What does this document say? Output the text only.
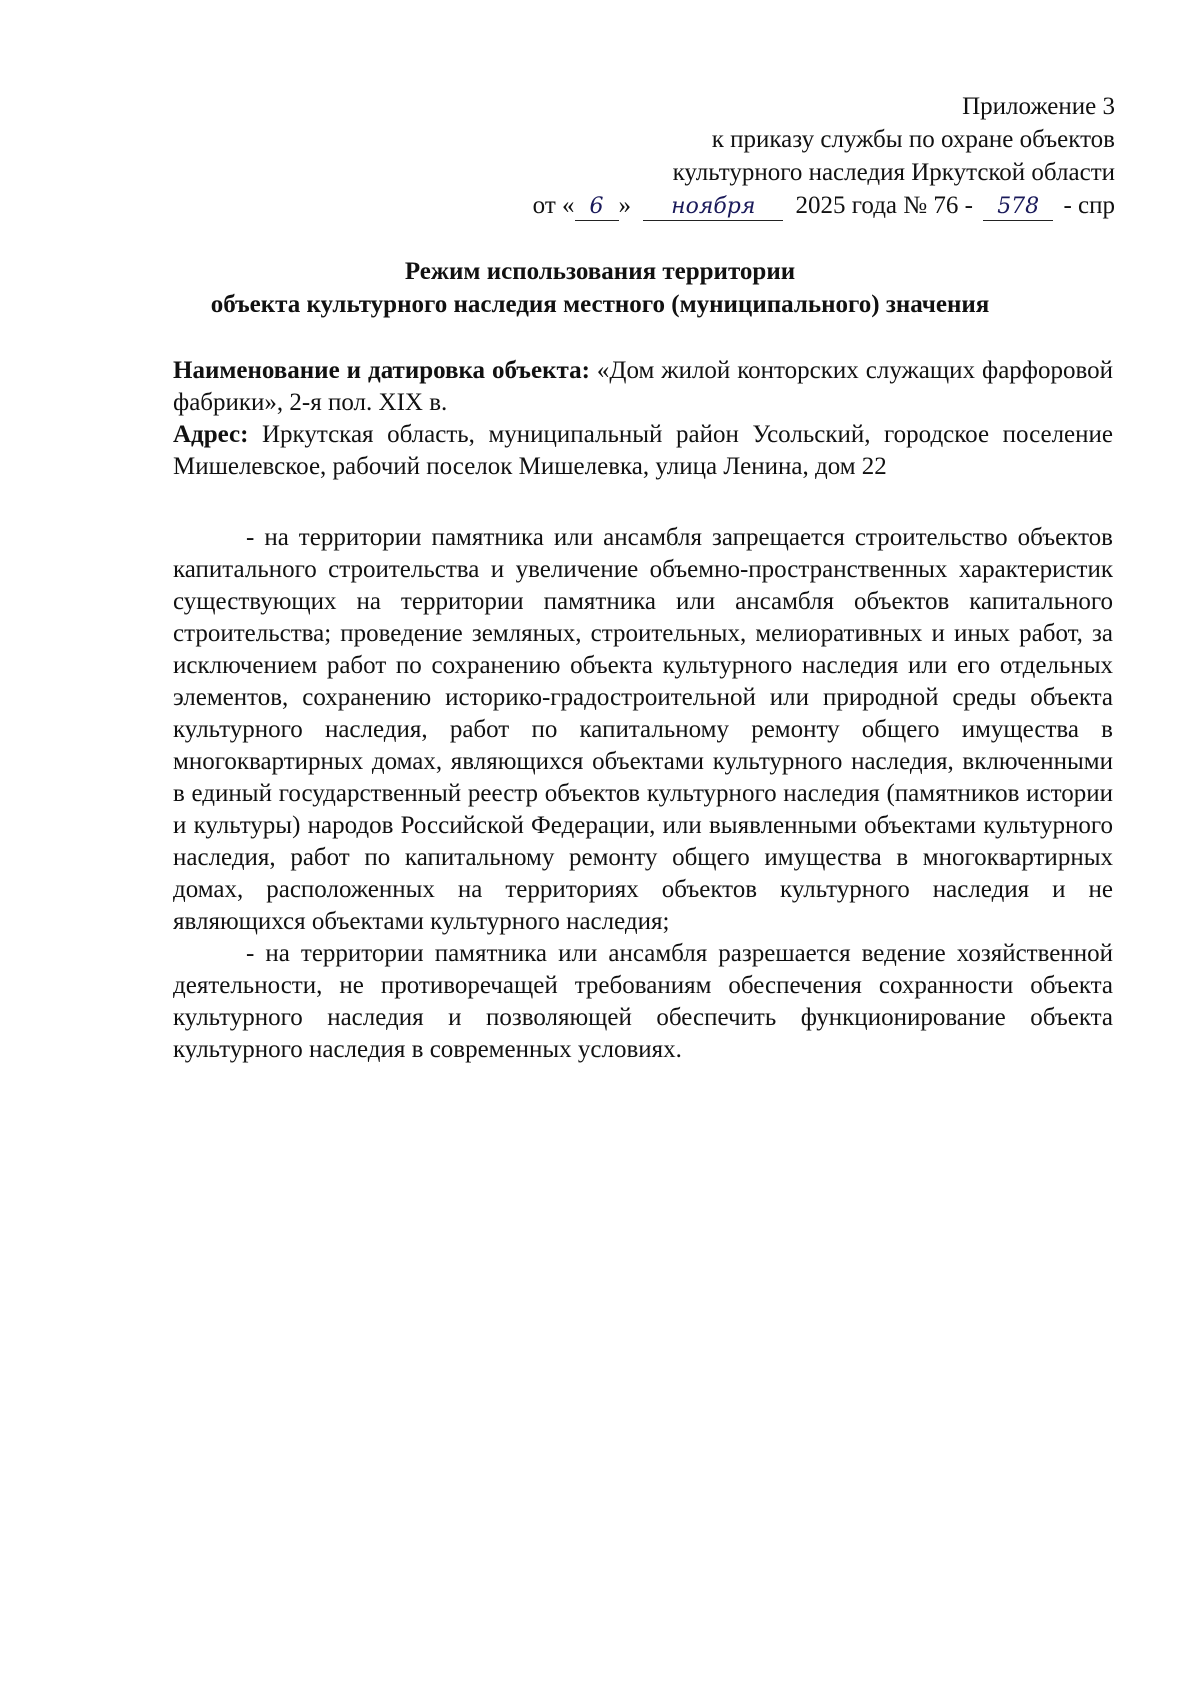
Приложение 3
к приказу службы по охране объектов
культурного наследия Иркутской области
от « 6 » ноября 2025 года № 76 - 578 - спр
Режим использования территории
объекта культурного наследия местного (муниципального) значения

Наименование и датировка объекта: «Дом жилой конторских служащих фарфоровой фабрики», 2-я пол. XIX в.

Адрес: Иркутская область, муниципальный район Усольский, городское поселение Мишелевское, рабочий поселок Мишелевка, улица Ленина, дом 22

- на территории памятника или ансамбля запрещается строительство объектов капитального строительства и увеличение объемно-пространственных характеристик существующих на территории памятника или ансамбля объектов капитального строительства; проведение земляных, строительных, мелиоративных и иных работ, за исключением работ по сохранению объекта культурного наследия или его отдельных элементов, сохранению историко-градостроительной или природной среды объекта культурного наследия, работ по капитальному ремонту общего имущества в многоквартирных домах, являющихся объектами культурного наследия, включенными в единый государственный реестр объектов культурного наследия (памятников истории и культуры) народов Российской Федерации, или выявленными объектами культурного наследия, работ по капитальному ремонту общего имущества в многоквартирных домах, расположенных на территориях объектов культурного наследия и не являющихся объектами культурного наследия;

- на территории памятника или ансамбля разрешается ведение хозяйственной деятельности, не противоречащей требованиям обеспечения сохранности объекта культурного наследия и позволяющей обеспечить функционирование объекта культурного наследия в современных условиях.
